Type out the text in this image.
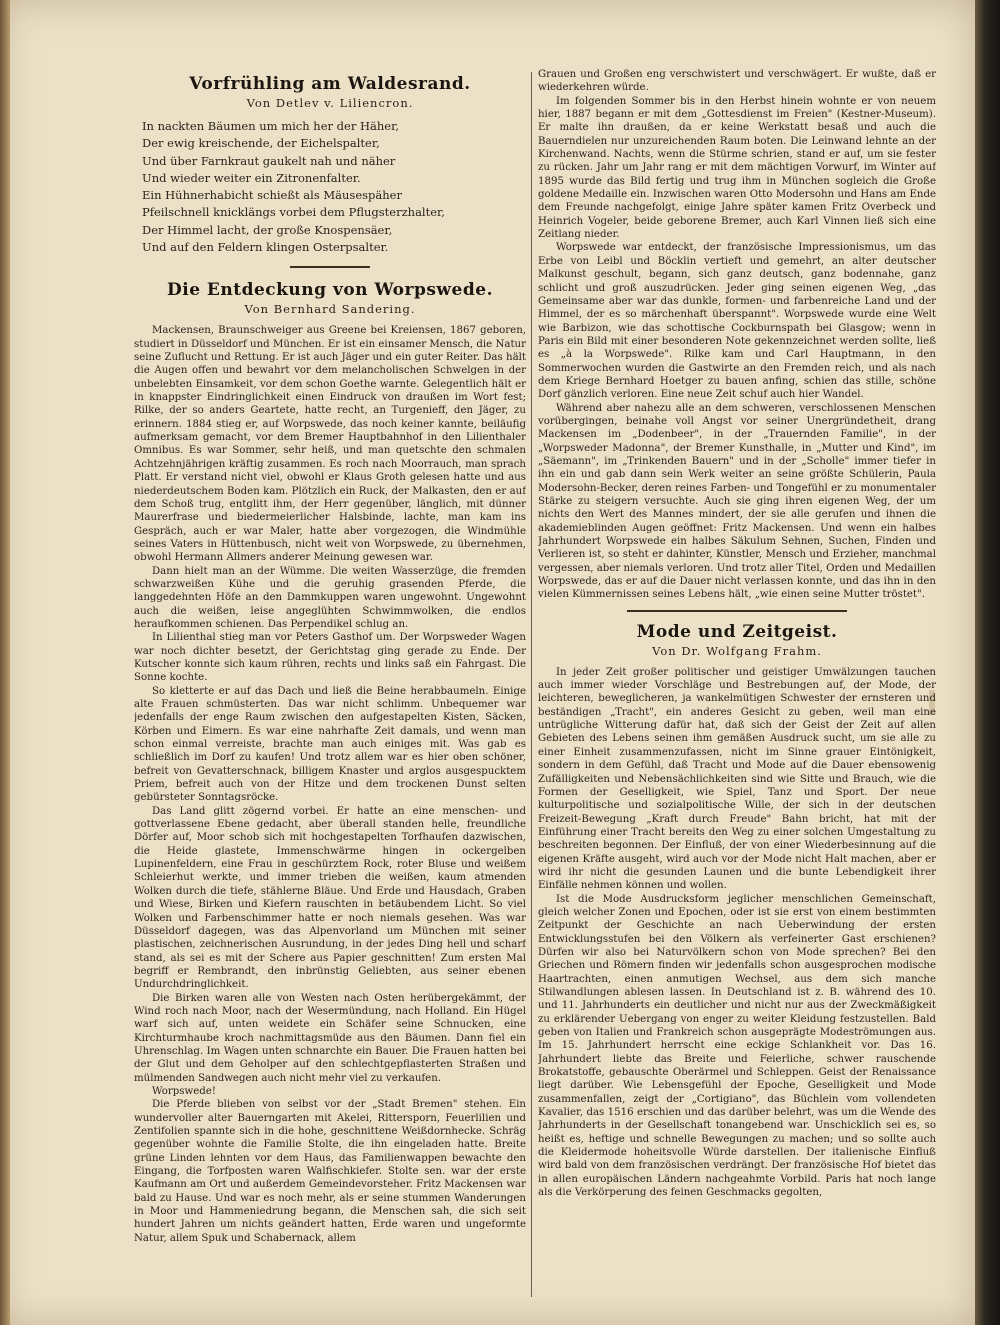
Vorfrühling am Waldesrand.
Von Detlev v. Liliencron.
In nackten Bäumen um mich her der Häher,
Der ewig kreischende, der Eichelspalter,
Und über Farnkraut gaukelt nah und näher
Und wieder weiter ein Zitronenfalter.
Ein Hühnerhabicht schießt als Mäusespäher
Pfeilschnell knicklängs vorbei dem Pflugsterzhalter,
Der Himmel lacht, der große Knospensäer,
Und auf den Feldern klingen Osterpsalter.
Die Entdeckung von Worpswede.
Von Bernhard Sandering.

Mackensen, Braunschweiger aus Greene bei Kreiensen, 1867 geboren, studiert in Düsseldorf und München. Er ist ein einsamer Mensch, die Natur seine Zuflucht und Rettung. Er ist auch Jäger und ein guter Reiter. Das hält die Augen offen und bewahrt vor dem melancholischen Schwelgen in der unbelebten Einsamkeit, vor dem schon Goethe warnte. Gelegentlich hält er in knappster Eindringlichkeit einen Eindruck von draußen im Wort fest; Rilke, der so anders Geartete, hatte recht, an Turgenieff, den Jäger, zu erinnern. 1884 stieg er, auf Worpswede, das noch keiner kannte, beiläufig aufmerksam gemacht, vor dem Bremer Hauptbahnhof in den Lilienthaler Omnibus. Es war Sommer, sehr heiß, und man quetschte den schmalen Achtzehnjährigen kräftig zusammen. Es roch nach Moorrauch, man sprach Platt. Er verstand nicht viel, obwohl er Klaus Groth gelesen hatte und aus niederdeutschem Boden kam. Plötzlich ein Ruck, der Malkasten, den er auf dem Schoß trug, entglitt ihm, der Herr gegenüber, länglich, mit dünner Maurerfrase und biedermeierlicher Halsbinde, lachte, man kam ins Gespräch, auch er war Maler, hatte aber vorgezogen, die Windmühle seines Vaters in Hüttenbusch, nicht weit von Worpswede, zu übernehmen, obwohl Hermann Allmers anderer Meinung gewesen war.

Dann hielt man an der Wümme. Die weiten Wasserzüge, die fremden schwarzweißen Kühe und die geruhig grasenden Pferde, die langgedehnten Höfe an den Dammkuppen waren ungewohnt. Ungewohnt auch die weißen, leise angeglühten Schwimmwolken, die endlos heraufkommen schienen. Das Perpendikel schlug an.

In Lilienthal stieg man vor Peters Gasthof um. Der Worpsweder Wagen war noch dichter besetzt, der Gerichtstag ging gerade zu Ende. Der Kutscher konnte sich kaum rühren, rechts und links saß ein Fahrgast. Die Sonne kochte.

So kletterte er auf das Dach und ließ die Beine herabbaumeln. Einige alte Frauen schmüsterten. Das war nicht schlimm. Unbequemer war jedenfalls der enge Raum zwischen den aufgestapelten Kisten, Säcken, Körben und Eimern. Es war eine nahrhafte Zeit damals, und wenn man schon einmal verreiste, brachte man auch einiges mit. Was gab es schließlich im Dorf zu kaufen! Und trotz allem war es hier oben schöner, befreit von Gevatterschnack, billigem Knaster und arglos ausgespucktem Priem, befreit auch von der Hitze und dem trockenen Dunst selten gebürsteter Sonntagsröcke.

Das Land glitt zögernd vorbei. Er hatte an eine menschen- und gottverlassene Ebene gedacht, aber überall standen helle, freundliche Dörfer auf, Moor schob sich mit hochgestapelten Torfhaufen dazwischen, die Heide glastete, Immenschwärme hingen in ockergelben Lupinenfeldern, eine Frau in geschürztem Rock, roter Bluse und weißem Schleierhut werkte, und immer trieben die weißen, kaum atmenden Wolken durch die tiefe, stählerne Bläue. Und Erde und Hausdach, Graben und Wiese, Birken und Kiefern rauschten in betäubendem Licht. So viel Wolken und Farbenschimmer hatte er noch niemals gesehen. Was war Düsseldorf dagegen, was das Alpenvorland um München mit seiner plastischen, zeichnerischen Ausrundung, in der jedes Ding hell und scharf stand, als sei es mit der Schere aus Papier geschnitten! Zum ersten Mal begriff er Rembrandt, den inbrünstig Geliebten, aus seiner ebenen Undurchdringlichkeit.

Die Birken waren alle von Westen nach Osten herübergekämmt, der Wind roch nach Moor, nach der Wesermündung, nach Holland. Ein Hügel warf sich auf, unten weidete ein Schäfer seine Schnucken, eine Kirchturmhaube kroch nachmittagsmüde aus den Bäumen. Dann fiel ein Uhrenschlag. Im Wagen unten schnarchte ein Bauer. Die Frauen hatten bei der Glut und dem Geholper auf den schlechtgepflasterten Straßen und mülmenden Sandwegen auch nicht mehr viel zu verkaufen.

Worpswede!

Die Pferde blieben von selbst vor der „Stadt Bremen" stehen. Ein wundervoller alter Bauerngarten mit Akelei, Rittersporn, Feuerlilien und Zentifolien spannte sich in die hohe, geschnittene Weißdornhecke. Schräg gegenüber wohnte die Familie Stolte, die ihn eingeladen hatte. Breite grüne Linden lehnten vor dem Haus, das Familienwappen bewachte den Eingang, die Torfposten waren Walfischkiefer. Stolte sen. war der erste Kaufmann am Ort und außerdem Gemeindevorsteher. Fritz Mackensen war bald zu Hause. Und war es noch mehr, als er seine stummen Wanderungen in Moor und Hammeniedrung begann, die Menschen sah, die sich seit hundert Jahren um nichts geändert hatten, Erde waren und ungeformte Natur, allem Spuk und Schabernack, allem

Grauen und Großen eng verschwistert und verschwägert. Er wußte, daß er wiederkehren würde.

Im folgenden Sommer bis in den Herbst hinein wohnte er von neuem hier, 1887 begann er mit dem „Gottesdienst im Freien" (Kestner-Museum). Er malte ihn draußen, da er keine Werkstatt besaß und auch die Bauerndielen nur unzureichenden Raum boten. Die Leinwand lehnte an der Kirchenwand. Nachts, wenn die Stürme schrien, stand er auf, um sie fester zu rücken. Jahr um Jahr rang er mit dem mächtigen Vorwurf, im Winter auf 1895 wurde das Bild fertig und trug ihm in München sogleich die Große goldene Medaille ein. Inzwischen waren Otto Modersohn und Hans am Ende dem Freunde nachgefolgt, einige Jahre später kamen Fritz Overbeck und Heinrich Vogeler, beide geborene Bremer, auch Karl Vinnen ließ sich eine Zeitlang nieder.

Worpswede war entdeckt, der französische Impressionismus, um das Erbe von Leibl und Böcklin vertieft und gemehrt, an alter deutscher Malkunst geschult, begann, sich ganz deutsch, ganz bodennahe, ganz schlicht und groß auszudrücken. Jeder ging seinen eigenen Weg, „das Gemeinsame aber war das dunkle, formen- und farbenreiche Land und der Himmel, der es so märchenhaft überspannt". Worpswede wurde eine Welt wie Barbizon, wie das schottische Cockburnspath bei Glasgow; wenn in Paris ein Bild mit einer besonderen Note gekennzeichnet werden sollte, ließ es „à la Worpswede". Rilke kam und Carl Hauptmann, in den Sommerwochen wurden die Gastwirte an den Fremden reich, und als nach dem Kriege Bernhard Hoetger zu bauen anfing, schien das stille, schöne Dorf gänzlich verloren. Eine neue Zeit schuf auch hier Wandel.

Während aber nahezu alle an dem schweren, verschlossenen Menschen vorübergingen, beinahe voll Angst vor seiner Unergründetheit, drang Mackensen im „Dodenbeer", in der „Trauernden Familie", in der „Worpsweder Madonna", der Bremer Kunsthalle, in „Mutter und Kind", im „Säemann", im „Trinkenden Bauern" und in der „Scholle" immer tiefer in ihn ein und gab dann sein Werk weiter an seine größte Schülerin, Paula Modersohn-Becker, deren reines Farben- und Tongefühl er zu monumentaler Stärke zu steigern versuchte. Auch sie ging ihren eigenen Weg, der um nichts den Wert des Mannes mindert, der sie alle gerufen und ihnen die akademieblinden Augen geöffnet: Fritz Mackensen. Und wenn ein halbes Jahrhundert Worpswede ein halbes Säkulum Sehnen, Suchen, Finden und Verlieren ist, so steht er dahinter, Künstler, Mensch und Erzieher, manchmal vergessen, aber niemals verloren. Und trotz aller Titel, Orden und Medaillen Worpswede, das er auf die Dauer nicht verlassen konnte, und das ihn in den vielen Kümmernissen seines Lebens hält, „wie einen seine Mutter tröstet".

Mode und Zeitgeist.
Von Dr. Wolfgang Frahm.

In jeder Zeit großer politischer und geistiger Umwälzungen tauchen auch immer wieder Vorschläge und Bestrebungen auf, der Mode, der leichteren, beweglicheren, ja wankelmütigen Schwester der ernsteren und beständigen „Tracht", ein anderes Gesicht zu geben, weil man eine untrügliche Witterung dafür hat, daß sich der Geist der Zeit auf allen Gebieten des Lebens seinen ihm gemäßen Ausdruck sucht, um sie alle zu einer Einheit zusammenzufassen, nicht im Sinne grauer Eintönigkeit, sondern in dem Gefühl, daß Tracht und Mode auf die Dauer ebensowenig Zufälligkeiten und Nebensächlichkeiten sind wie Sitte und Brauch, wie die Formen der Geselligkeit, wie Spiel, Tanz und Sport. Der neue kulturpolitische und sozialpolitische Wille, der sich in der deutschen Freizeit-Bewegung „Kraft durch Freude" Bahn bricht, hat mit der Einführung einer Tracht bereits den Weg zu einer solchen Umgestaltung zu beschreiten begonnen. Der Einfluß, der von einer Wiederbesinnung auf die eigenen Kräfte ausgeht, wird auch vor der Mode nicht Halt machen, aber er wird ihr nicht die gesunden Launen und die bunte Lebendigkeit ihrer Einfälle nehmen können und wollen.

Ist die Mode Ausdrucksform jeglicher menschlichen Gemeinschaft, gleich welcher Zonen und Epochen, oder ist sie erst von einem bestimmten Zeitpunkt der Geschichte an nach Ueberwindung der ersten Entwicklungsstufen bei den Völkern als verfeinerter Gast erschienen? Dürfen wir also bei Naturvölkern schon von Mode sprechen? Bei den Griechen und Römern finden wir jedenfalls schon ausgesprochen modische Haartrachten, einen anmutigen Wechsel, aus dem sich manche Stilwandlungen ablesen lassen. In Deutschland ist z. B. während des 10. und 11. Jahrhunderts ein deutlicher und nicht nur aus der Zweckmäßigkeit zu erklärender Uebergang von enger zu weiter Kleidung festzustellen. Bald geben von Italien und Frankreich schon ausgeprägte Modeströmungen aus. Im 15. Jahrhundert herrscht eine eckige Schlankheit vor. Das 16. Jahrhundert liebte das Breite und Feierliche, schwer rauschende Brokatstoffe, gebauschte Oberärmel und Schleppen. Geist der Renaissance liegt darüber. Wie Lebensgefühl der Epoche, Geselligkeit und Mode zusammenfallen, zeigt der „Cortigiano", das Büchlein vom vollendeten Kavalier, das 1516 erschien und das darüber belehrt, was um die Wende des Jahrhunderts in der Gesellschaft tonangebend war. Unschicklich sei es, so heißt es, heftige und schnelle Bewegungen zu machen; und so sollte auch die Kleidermode hoheitsvolle Würde darstellen. Der italienische Einfluß wird bald von dem französischen verdrängt. Der französische Hof bietet das in allen europäischen Ländern nachgeahmte Vorbild. Paris hat noch lange als die Verkörperung des feinen Geschmacks gegolten,
